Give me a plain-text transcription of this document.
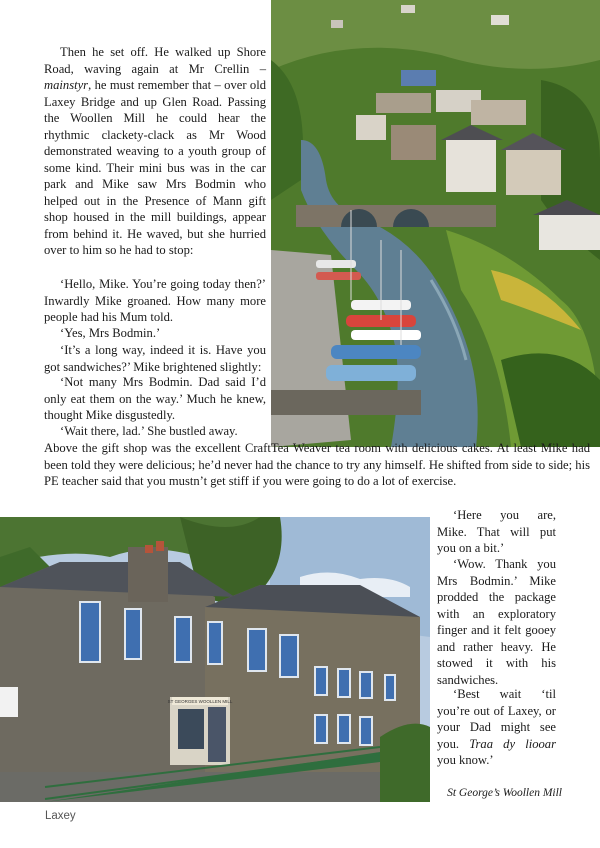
Then he set off. He walked up Shore Road, waving again at Mr Crellin – mainstyr, he must remember that – over old Laxey Bridge and up Glen Road. Passing the Woollen Mill he could hear the rhythmic clackety-clack as Mr Wood demonstrated weaving to a youth group of some kind. Their mini bus was in the car park and Mike saw Mrs Bodmin who helped out in the Presence of Mann gift shop housed in the mill buildings, appear from behind it. He waved, but she hurried over to him so he had to stop:

‘Hello, Mike. You’re going today then?’ Inwardly Mike groaned. How many more people had his Mum told.

‘Yes, Mrs Bodmin.’

‘It’s a long way, indeed it is. Have you got sandwiches?’ Mike brightened slightly:

‘Not many Mrs Bodmin. Dad said I’d only eat them on the way.’ Much he knew, thought Mike disgustedly.

‘Wait there, lad.’ She bustled away.

Above the gift shop was the excellent CraftTea Weaver tea room with delicious cakes. At least Mike had been told they were delicious; he’d never had the chance to try any himself. He shifted from side to side; his PE teacher said that you mustn’t get stiff if you were going to do a lot of exercise.

ST GEORGES WOOLLEN MILL

‘Here you are, Mike. That will put you on a bit.’

‘Wow. Thank you Mrs Bodmin.’ Mike prodded the package with an exploratory finger and it felt gooey and rather heavy. He stowed it with his sandwiches.

‘Best wait ‘til you’re out of Laxey, or your Dad might see you. Traa dy liooar you know.’

St George’s Woollen Mill
Laxey
